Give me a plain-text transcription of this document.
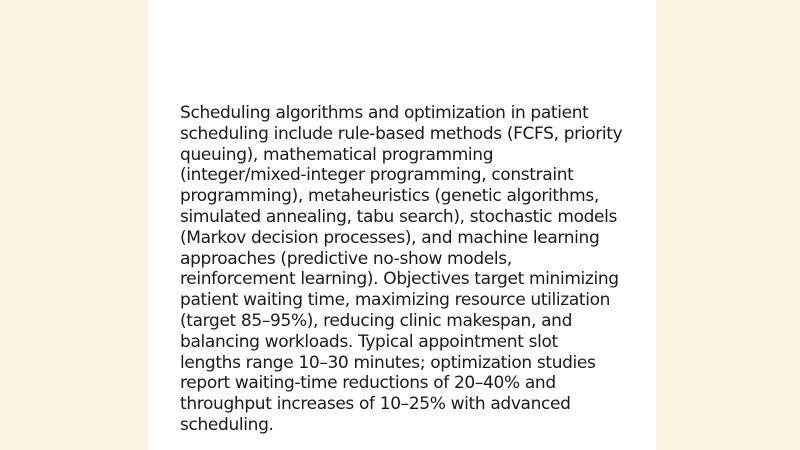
Scheduling algorithms and optimization in patient
scheduling include rule-based methods (FCFS, priority
queuing), mathematical programming
(integer/mixed-integer programming, constraint
programming), metaheuristics (genetic algorithms,
simulated annealing, tabu search), stochastic models
(Markov decision processes), and machine learning
approaches (predictive no-show models,
reinforcement learning). Objectives target minimizing
patient waiting time, maximizing resource utilization
(target 85–95%), reducing clinic makespan, and
balancing workloads. Typical appointment slot
lengths range 10–30 minutes; optimization studies
report waiting-time reductions of 20–40% and
throughput increases of 10–25% with advanced
scheduling.
